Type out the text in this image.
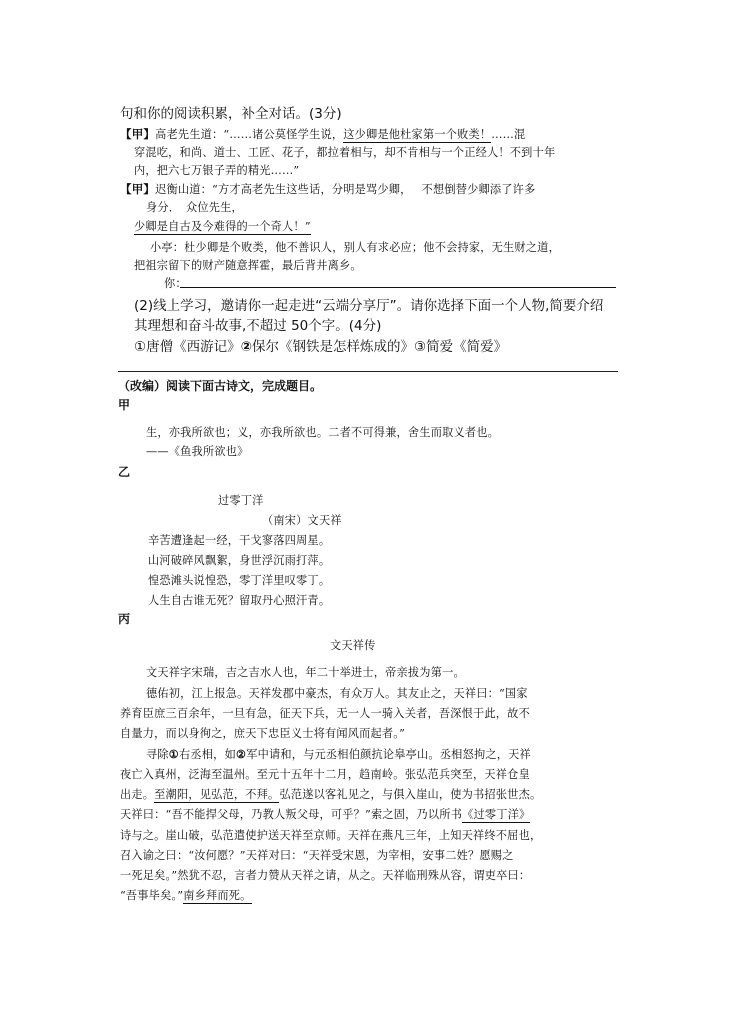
句和你的阅读积累，补全对话。(3分)
【甲】高老先生道：“……诸公莫怪学生说，这少卿是他杜家第一个败类！……混
穿混吃，和尚、道士、工匠、花子，都拉着相与，却不肯相与一个正经人！不到十年
内，把六七万银子弄的精光……”
【甲】迟衡山道：“方才高老先生这些话，分明是骂少卿， 不想倒替少卿添了许多
身分．　众位先生，
少卿是自古及今难得的一个奇人！”
小亭：杜少卿是个败类，他不善识人，别人有求必应；他不会持家，无生财之道，
把祖宗留下的财产随意挥霍，最后背井离乡。
你：
(2)线上学习，邀请你一起走进“云端分享厅”。请你选择下面一个人物,简要介绍
其理想和奋斗故事,不超过 50个字。(4分)
①唐僧《西游记》②保尔《钢铁是怎样炼成的》③简爱《简爱》
（改编）阅读下面古诗文，完成题目。
甲
生，亦我所欲也；义，亦我所欲也。二者不可得兼，舍生而取义者也。
——《鱼我所欲也》
乙
过零丁洋
（南宋）文天祥
辛苦遭逢起一经，干戈寥落四周星。
山河破碎风飘絮，身世浮沉雨打萍。
惶恐滩头说惶恐，零丁洋里叹零丁。
人生自古谁无死？留取丹心照汗青。
丙
文天祥传
文天祥字宋瑞，吉之吉水人也，年二十举进士，帝亲拔为第一。
德佑初，江上报急。天祥发郡中豪杰，有众万人。其友止之，天祥曰：“国家
养育臣庶三百余年，一旦有急，征天下兵，无一人一骑入关者，吾深恨于此，故不
自量力，而以身徇之，庶天下忠臣义士将有闻风而起者。”
寻除①右丞相，如②军中请和，与元丞相伯颜抗论皋亭山。丞相怒拘之，天祥
夜亡入真州，泛海至温州。至元十五年十二月，趋南岭。张弘范兵突至，天祥仓皇
出走。至潮阳，见弘范，不拜。弘范遂以客礼见之，与俱入崖山，使为书招张世杰。
天祥曰：“吾不能捍父母，乃教人叛父母，可乎？”索之固，乃以所书《过零丁洋》
诗与之。崖山破，弘范遣使护送天祥至京师。天祥在燕凡三年，上知天祥终不屈也，
召入谕之曰：“汝何愿？”天祥对曰：“天祥受宋恩，为宰相，安事二姓？愿赐之
一死足矣。”然犹不忍，言者力赞从天祥之请，从之。天祥临刑殊从容，谓吏卒曰：
“吾事毕矣。”南乡拜而死。
